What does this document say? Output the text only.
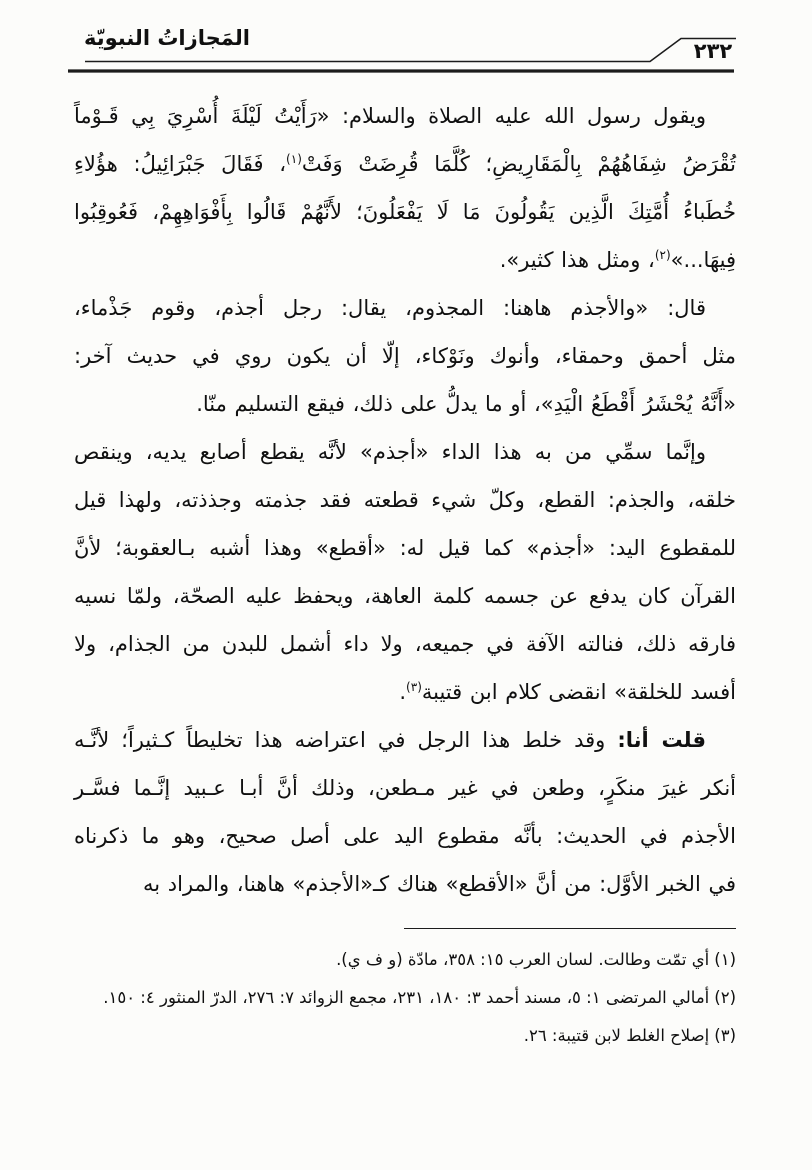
المَجازاتُ النبويّة
٢٣٢
ويقول رسول الله عليه الصلاة والسلام: «رَأَيْتُ لَيْلَةَ أُسْرِيَ بِي قَـوْماً
تُقْرَضُ شِفَاهُهُمْ بِالْمَقَارِيضِ؛ كُلَّمَا قُرِضَتْ وَفَتْ$^{(١)}$، فَقَالَ جَبْرَائِيلُ: هؤُلاءِ
خُطَباءُ أُمَّتِكَ الَّذِين يَقُولُونَ مَا لَا يَفْعَلُونَ؛ لأَنَّهُمْ قَالُوا بِأَفْوَاهِهِمْ، فَعُوقِبُوا
فِيهَا...»$^{(٢)}$، ومثل هذا كثير».
قال: «والأجذم هاهنا: المجذوم، يقال: رجل أجذم، وقوم جَذْماء،
مثل أحمق وحمقاء، وأنوك ونَوْكاء، إلّا أن يكون روي في حديث آخر:
«أَنَّهُ يُحْشَرُ أَقْطَعُ الْيَدِ»، أو ما يدلُّ على ذلك، فيقع التسليم منّا.
وإنَّما سمِّي من به هذا الداء «أجذم» لأنَّه يقطع أصابع يديه، وينقص
خلقه، والجذم: القطع، وكلّ شيء قطعته فقد جذمته وجذذته، ولهذا قيل
للمقطوع اليد: «أجذم» كما قيل له: «أقطع» وهذا أشبه بـالعقوبة؛ لأنَّ
القرآن كان يدفع عن جسمه كلمة العاهة، ويحفظ عليه الصحّة، ولمّا نسيه
فارقه ذلك، فنالته الآفة في جميعه، ولا داء أشمل للبدن من الجذام، ولا
أفسد للخلقة» انقضى كلام ابن قتيبة$^{(٣)}$.
قلت أنا: وقد خلط هذا الرجل في اعتراضه هذا تخليطاً كـثيراً؛ لأنَّـه
أنكر غيرَ منكَرٍ، وطعن في غير مـطعن، وذلك أنَّ أبـا عـبيد إنَّـما فسَّـر
الأجذم في الحديث: بأنَّه مقطوع اليد على أصل صحيح، وهو ما ذكرناه
في الخبر الأوَّل: من أنَّ «الأقطع» هناك كـ«الأجذم» هاهنا، والمراد به
(١)أي تمّت وطالت. لسان العرب ١٥: ٣٥٨، مادّة (و ف ي).
(٢)أمالي المرتضى ١: ٥، مسند أحمد ٣: ١٨٠، ٢٣١، مجمع الزوائد ٧: ٢٧٦، الدرّ المنثور ٤: ١٥٠.
(٣)إصلاح الغلط لابن قتيبة: ٢٦.
